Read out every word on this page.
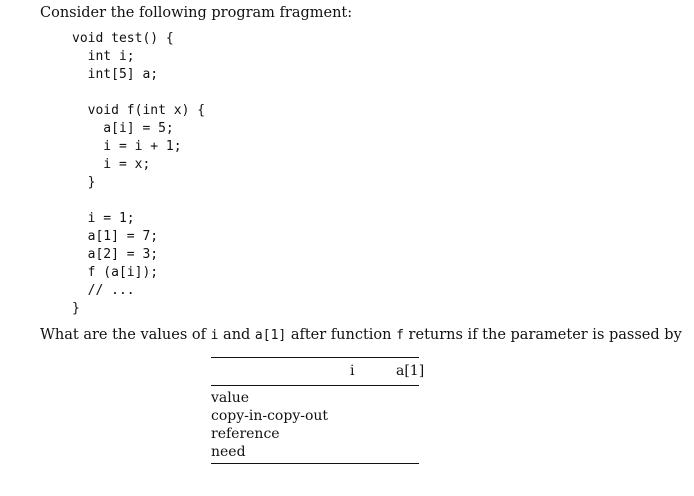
Consider the following program fragment:
void test() {
int i;
int[5] a;
void f(int x) {
a[i] = 5;
i = i + 1;
i = x;
}
i = 1;
a[1] = 7;
a[2] = 3;
f (a[i]);
// ...
}
What are the values of i and a[1] after function f returns if the parameter is passed by
i	a[1]
value
copy-in-copy-out
reference
need
